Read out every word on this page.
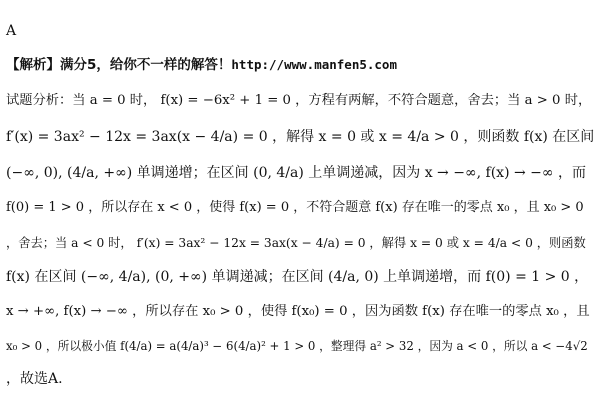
A
【解析】满分5，给你不一样的解答！http://www.manfen5.com
试题分析：当 a = 0 时， f(x) = −6x² + 1 = 0 ，方程有两解，不符合题意，舍去；当 a > 0 时，
f′(x) = 3ax² − 12x = 3ax(x − 4/a) = 0 ，解得 x = 0 或 x = 4/a > 0 ，则函数 f(x) 在区间
(−∞, 0), (4/a, +∞) 单调递增；在区间 (0, 4/a) 上单调递减，因为 x → −∞, f(x) → −∞ ，而
f(0) = 1 > 0 ，所以存在 x < 0 ，使得 f(x) = 0 ，不符合题意 f(x) 存在唯一的零点 x₀ ，且 x₀ > 0
，舍去；当 a < 0 时， f′(x) = 3ax² − 12x = 3ax(x − 4/a) = 0 ，解得 x = 0 或 x = 4/a < 0 ，则函数
f(x) 在区间 (−∞, 4/a), (0, +∞) 单调递减；在区间 (4/a, 0) 上单调递增，而 f(0) = 1 > 0 ，
x → +∞, f(x) → −∞ ，所以存在 x₀ > 0 ，使得 f(x₀) = 0 ，因为函数 f(x) 存在唯一的零点 x₀ ，且
x₀ > 0 ，所以极小值 f(4/a) = a(4/a)³ − 6(4/a)² + 1 > 0 ，整理得 a² > 32 ，因为 a < 0 ，所以 a < −4√2
，故选A.
